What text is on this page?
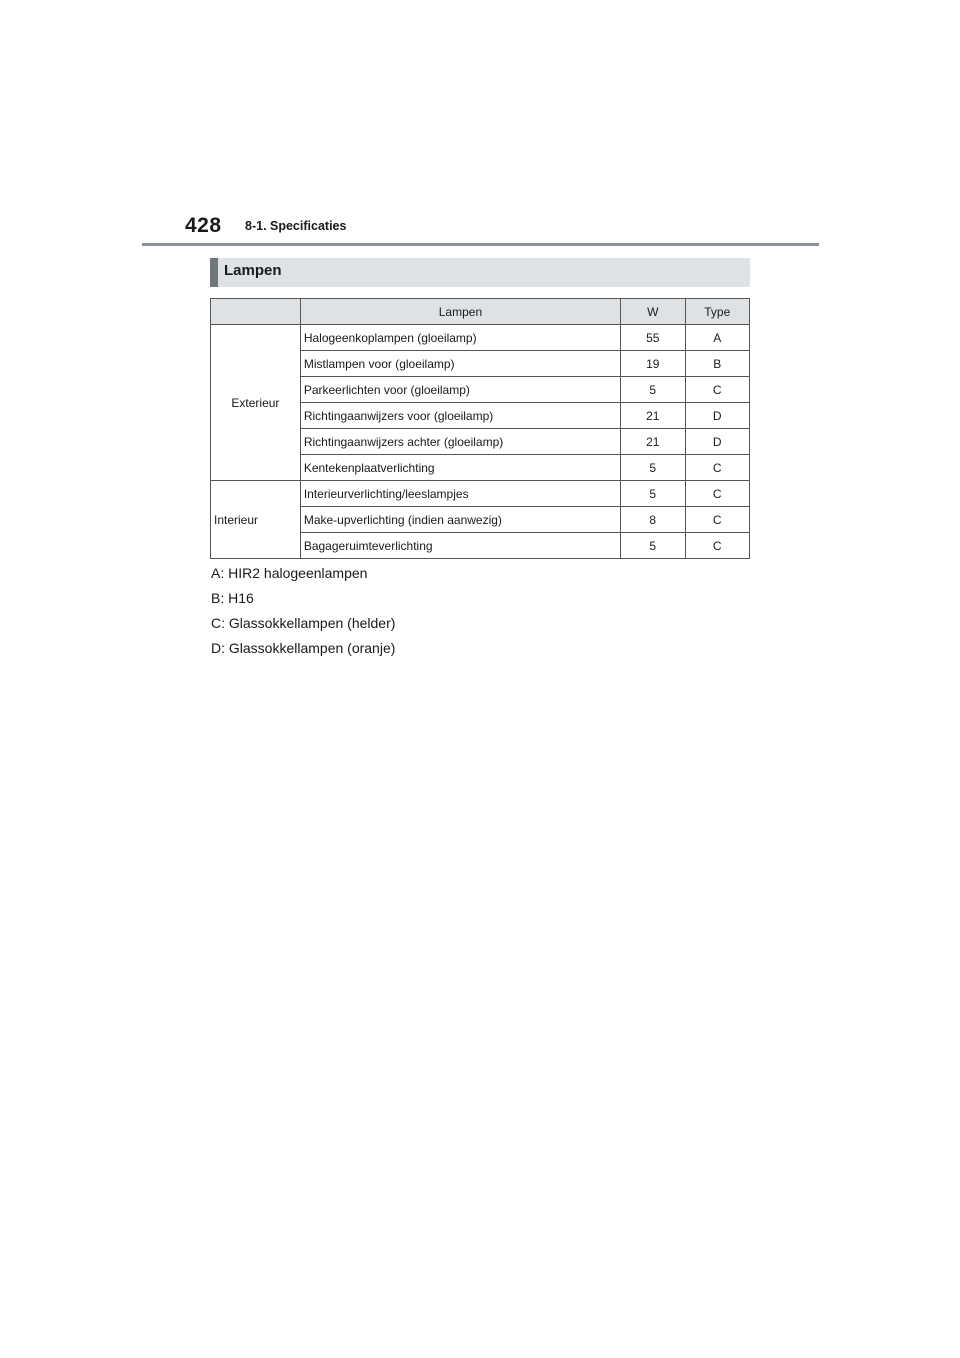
428 8-1. Specificaties
Lampen
	Lampen	W	Type
Exterieur	Halogeenkoplampen (gloeilamp)	55	A
	Mistlampen voor (gloeilamp)	19	B
	Parkeerlichten voor (gloeilamp)	5	C
	Richtingaanwijzers voor (gloeilamp)	21	D
	Richtingaanwijzers achter (gloeilamp)	21	D
	Kentekenplaatverlichting	5	C
Interieur	Interieurverlichting/leeslampjes	5	C
	Make-upverlichting (indien aanwezig)	8	C
	Bagageruimteverlichting	5	C
A: HIR2 halogeenlampen
B: H16
C: Glassokkellampen (helder)
D: Glassokkellampen (oranje)
